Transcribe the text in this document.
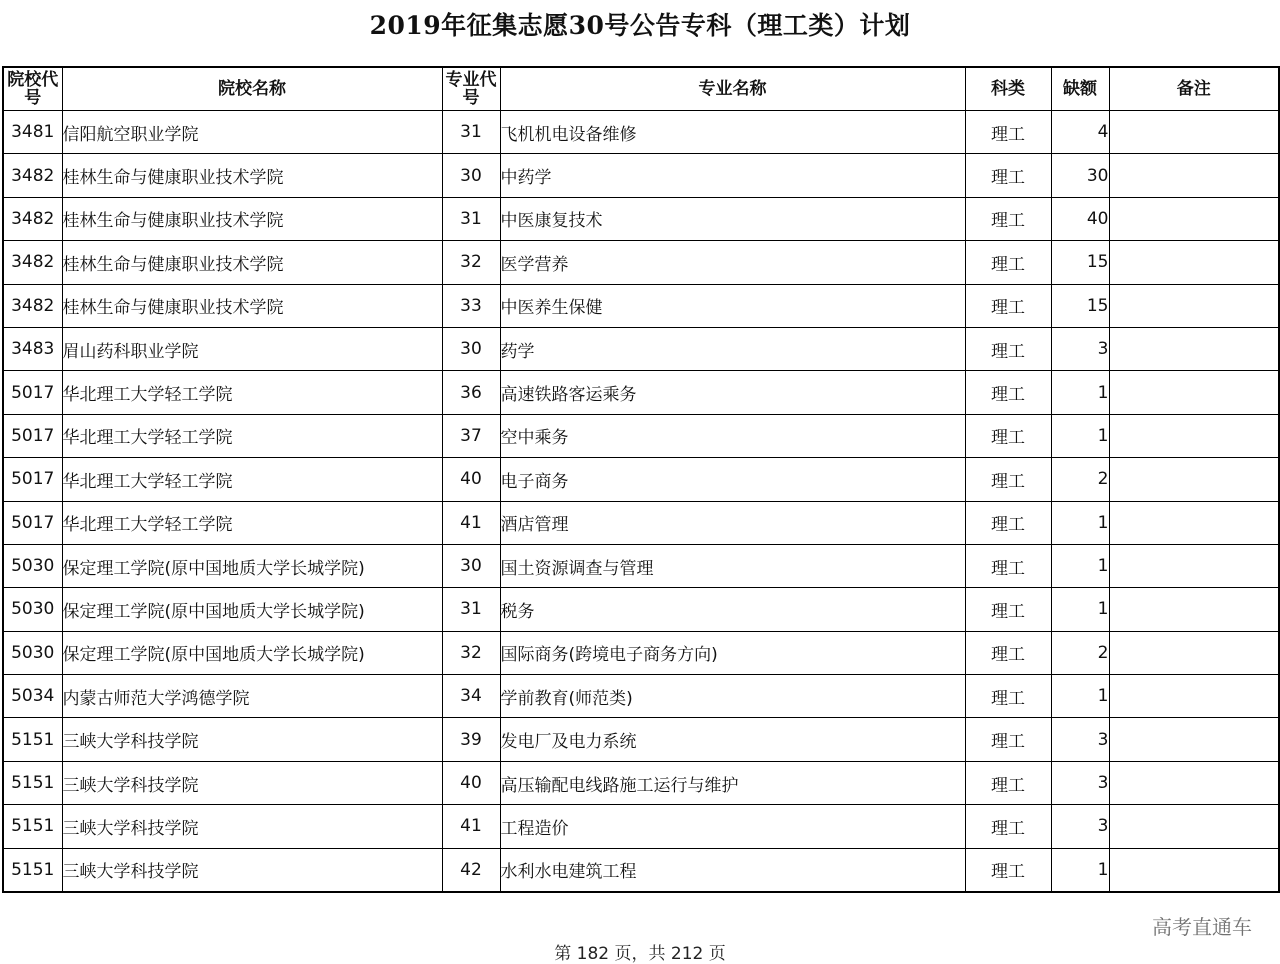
2019年征集志愿30号公告专科（理工类）计划
院校代号	院校名称	专业代号	专业名称	科类	缺额	备注
3481	信阳航空职业学院	31	飞机机电设备维修	理工	4	
3482	桂林生命与健康职业技术学院	30	中药学	理工	30	
3482	桂林生命与健康职业技术学院	31	中医康复技术	理工	40	
3482	桂林生命与健康职业技术学院	32	医学营养	理工	15	
3482	桂林生命与健康职业技术学院	33	中医养生保健	理工	15	
3483	眉山药科职业学院	30	药学	理工	3	
5017	华北理工大学轻工学院	36	高速铁路客运乘务	理工	1	
5017	华北理工大学轻工学院	37	空中乘务	理工	1	
5017	华北理工大学轻工学院	40	电子商务	理工	2	
5017	华北理工大学轻工学院	41	酒店管理	理工	1	
5030	保定理工学院(原中国地质大学长城学院)	30	国土资源调查与管理	理工	1	
5030	保定理工学院(原中国地质大学长城学院)	31	税务	理工	1	
5030	保定理工学院(原中国地质大学长城学院)	32	国际商务(跨境电子商务方向)	理工	2	
5034	内蒙古师范大学鸿德学院	34	学前教育(师范类)	理工	1	
5151	三峡大学科技学院	39	发电厂及电力系统	理工	3	
5151	三峡大学科技学院	40	高压输配电线路施工运行与维护	理工	3	
5151	三峡大学科技学院	41	工程造价	理工	3	
5151	三峡大学科技学院	42	水利水电建筑工程	理工	1	
高考直通车
第 182 页，共 212 页
